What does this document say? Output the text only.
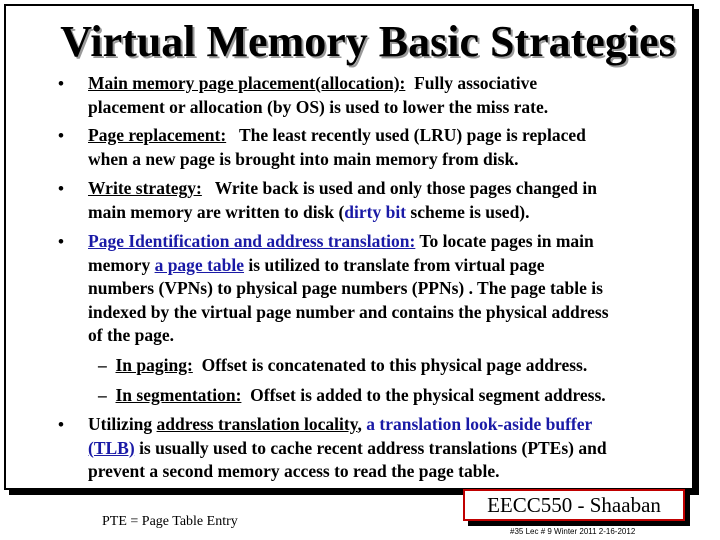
Virtual Memory Basic Strategies
• Main memory page placement(allocation): Fully associative
placement or allocation (by OS) is used to lower the miss rate.
• Page replacement: The least recently used (LRU) page is replaced
when a new page is brought into main memory from disk.
• Write strategy: Write back is used and only those pages changed in
main memory are written to disk (dirty bit scheme is used).
• Page Identification and address translation: To locate pages in main
memory a page table is utilized to translate from virtual page
numbers (VPNs) to physical page numbers (PPNs) . The page table is
indexed by the virtual page number and contains the physical address
of the page.
– In paging: Offset is concatenated to this physical page address.
– In segmentation: Offset is added to the physical segment address.
• Utilizing address translation locality, a translation look-aside buffer
(TLB) is usually used to cache recent address translations (PTEs) and
prevent a second memory access to read the page table.
PTE = Page Table Entry
EECC550 - Shaaban
#35 Lec # 9 Winter 2011 2-16-2012
